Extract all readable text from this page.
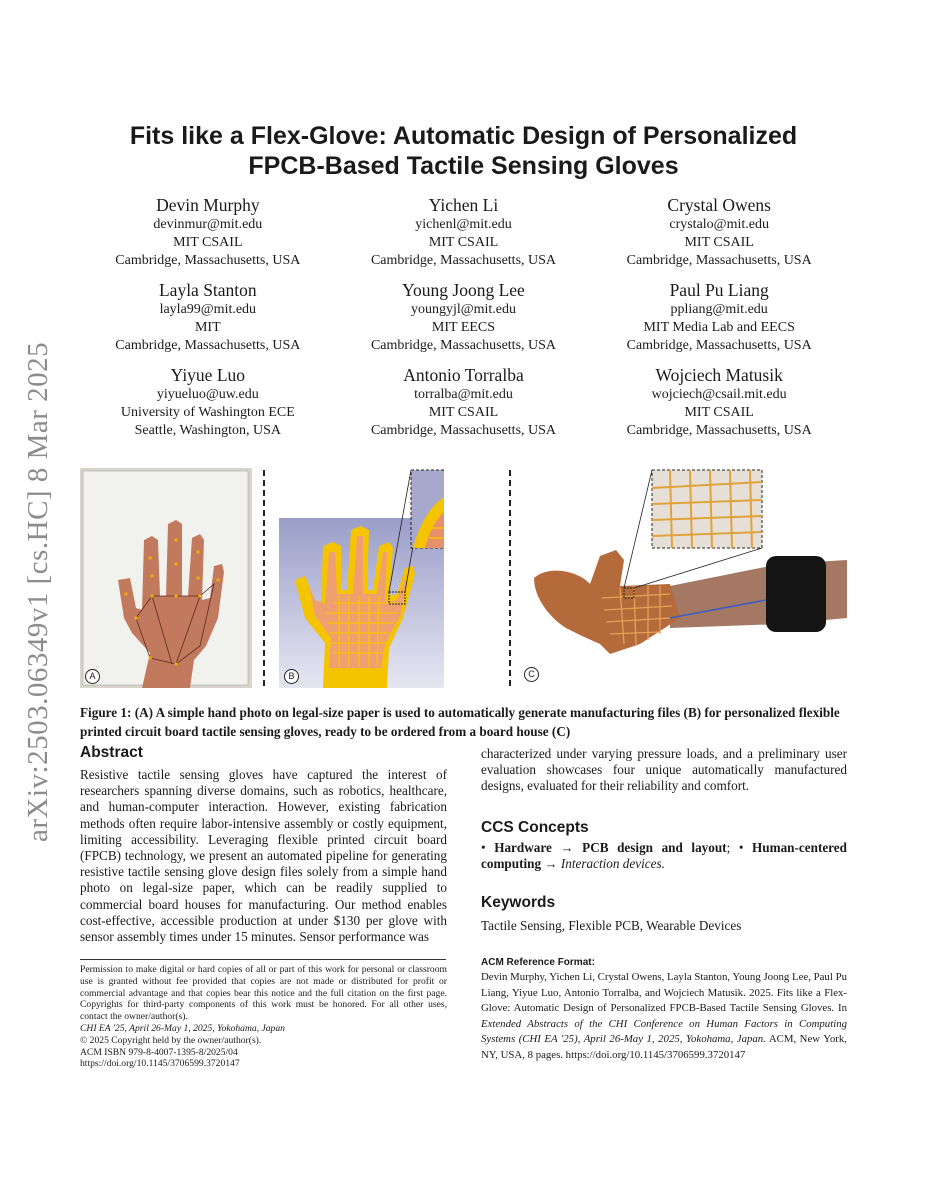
arXiv:2503.06349v1 [cs.HC] 8 Mar 2025
Fits like a Flex-Glove: Automatic Design of Personalized
FPCB-Based Tactile Sensing Gloves
Devin Murphy
devinmur@mit.edu
MIT CSAIL
Cambridge, Massachusetts, USA
Yichen Li
yichenl@mit.edu
MIT CSAIL
Cambridge, Massachusetts, USA
Crystal Owens
crystalo@mit.edu
MIT CSAIL
Cambridge, Massachusetts, USA
Layla Stanton
layla99@mit.edu
MIT
Cambridge, Massachusetts, USA
Young Joong Lee
youngyjl@mit.edu
MIT EECS
Cambridge, Massachusetts, USA
Paul Pu Liang
ppliang@mit.edu
MIT Media Lab and EECS
Cambridge, Massachusetts, USA
Yiyue Luo
yiyueluo@uw.edu
University of Washington ECE
Seattle, Washington, USA
Antonio Torralba
torralba@mit.edu
MIT CSAIL
Cambridge, Massachusetts, USA
Wojciech Matusik
wojciech@csail.mit.edu
MIT CSAIL
Cambridge, Massachusetts, USA
A	B	C
Figure 1: (A) A simple hand photo on legal-size paper is used to automatically generate manufacturing files (B) for personalized flexible printed circuit board tactile sensing gloves, ready to be ordered from a board house (C)
Abstract
Resistive tactile sensing gloves have captured the interest of researchers spanning diverse domains, such as robotics, healthcare, and human-computer interaction. However, existing fabrication methods often require labor-intensive assembly or costly equipment, limiting accessibility. Leveraging flexible printed circuit board (FPCB) technology, we present an automated pipeline for generating resistive tactile sensing glove design files solely from a simple hand photo on legal-size paper, which can be readily supplied to commercial board houses for manufacturing. Our method enables cost-effective, accessible production at under $130 per glove with sensor assembly times under 15 minutes. Sensor performance was
characterized under varying pressure loads, and a preliminary user evaluation showcases four unique automatically manufactured designs, evaluated for their reliability and comfort.
CCS Concepts
• Hardware → PCB design and layout; • Human-centered computing → Interaction devices.
Keywords
Tactile Sensing, Flexible PCB, Wearable Devices
ACM Reference Format:
Devin Murphy, Yichen Li, Crystal Owens, Layla Stanton, Young Joong Lee, Paul Pu Liang, Yiyue Luo, Antonio Torralba, and Wojciech Matusik. 2025. Fits like a Flex-Glove: Automatic Design of Personalized FPCB-Based Tactile Sensing Gloves. In Extended Abstracts of the CHI Conference on Human Factors in Computing Systems (CHI EA '25), April 26-May 1, 2025, Yokohama, Japan. ACM, New York, NY, USA, 8 pages. https://doi.org/10.1145/3706599.3720147
Permission to make digital or hard copies of all or part of this work for personal or classroom use is granted without fee provided that copies are not made or distributed for profit or commercial advantage and that copies bear this notice and the full citation on the first page. Copyrights for third-party components of this work must be honored. For all other uses, contact the owner/author(s).
CHI EA '25, April 26-May 1, 2025, Yokohama, Japan
© 2025 Copyright held by the owner/author(s).
ACM ISBN 979-8-4007-1395-8/2025/04
https://doi.org/10.1145/3706599.3720147
